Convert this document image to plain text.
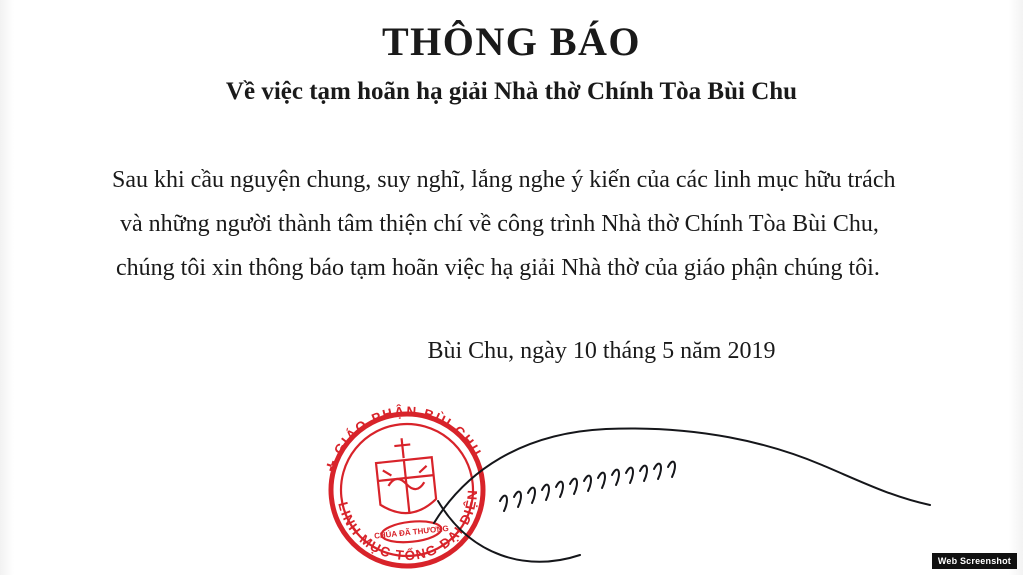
THÔNG BÁO
Về việc tạm hoãn hạ giải Nhà thờ Chính Tòa Bùi Chu
Sau khi cầu nguyện chung, suy nghĩ, lắng nghe ý kiến của các linh mục hữu trách
và những người thành tâm thiện chí về công trình Nhà thờ Chính Tòa Bùi Chu,
chúng tôi xin thông báo tạm hoãn việc hạ giải Nhà thờ của giáo phận chúng tôi.
Bùi Chu, ngày 10 tháng 5 năm 2019
✛ GIÁO PHẬN BÙI CHU
LINH MỤC TỔNG ĐẠI DIỆN
CHÚA ĐÃ THƯƠNG
Web Screenshot
